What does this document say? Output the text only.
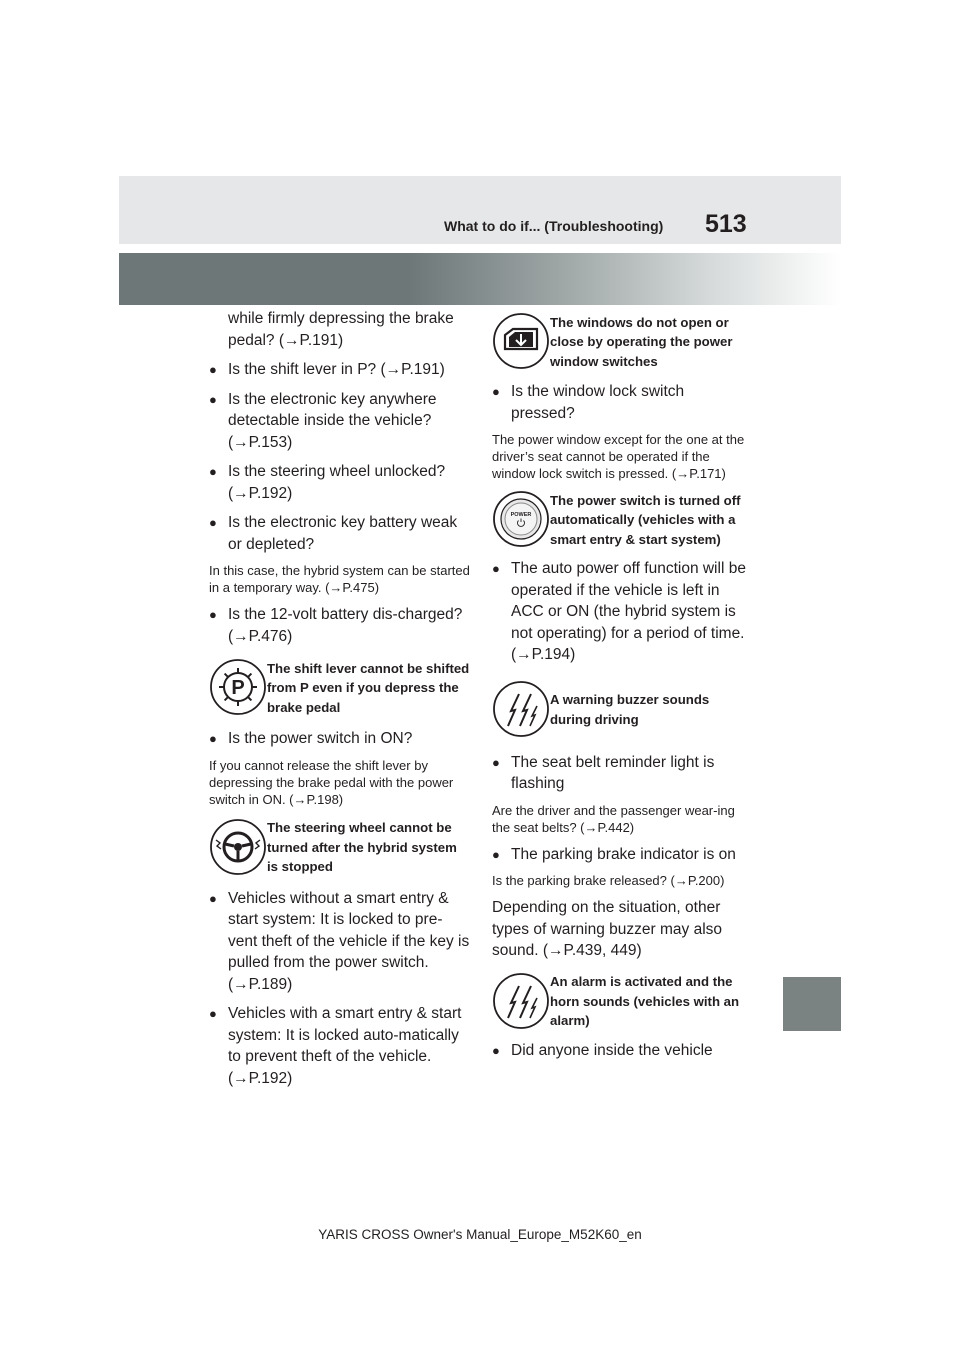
What to do if... (Troubleshooting) 513

while firmly depressing the brake

pedal? (→P.191)

● Is the shift lever in P? (→P.191)
● Is the electronic key anywhere detectable inside the vehicle? (→P.153)
● Is the steering wheel unlocked? (→P.192)
● Is the electronic key battery weak or depleted?

In this case, the hybrid system can be started in a temporary way. (→P.475)

● Is the 12-volt battery dis-charged? (→P.476)
P
The shift lever cannot be shifted from P even if you depress the brake pedal
● Is the power switch in ON?

If you cannot release the shift lever by depressing the brake pedal with the power switch in ON. (→P.198)

The steering wheel cannot be turned after the hybrid system is stopped
● Vehicles without a smart entry & start system: It is locked to pre-vent theft of the vehicle if the key is pulled from the power switch. (→P.189)
● Vehicles with a smart entry & start system: It is locked auto-matically to prevent theft of the vehicle. (→P.192)
The windows do not open or close by operating the power window switches
● Is the window lock switch pressed?

The power window except for the one at the driver’s seat cannot be operated if the window lock switch is pressed. (→P.171)

POWER
The power switch is turned off automatically (vehicles with a smart entry & start system)
● The auto power off function will be operated if the vehicle is left in ACC or ON (the hybrid system is not operating) for a period of time. (→P.194)
A warning buzzer sounds during driving
● The seat belt reminder light is flashing

Are the driver and the passenger wear-ing the seat belts? (→P.442)

● The parking brake indicator is on

Is the parking brake released? (→P.200)

Depending on the situation, other types of warning buzzer may also sound. (→P.439, 449)

An alarm is activated and the horn sounds (vehicles with an alarm)
● Did anyone inside the vehicle
YARIS CROSS Owner's Manual_Europe_M52K60_en
